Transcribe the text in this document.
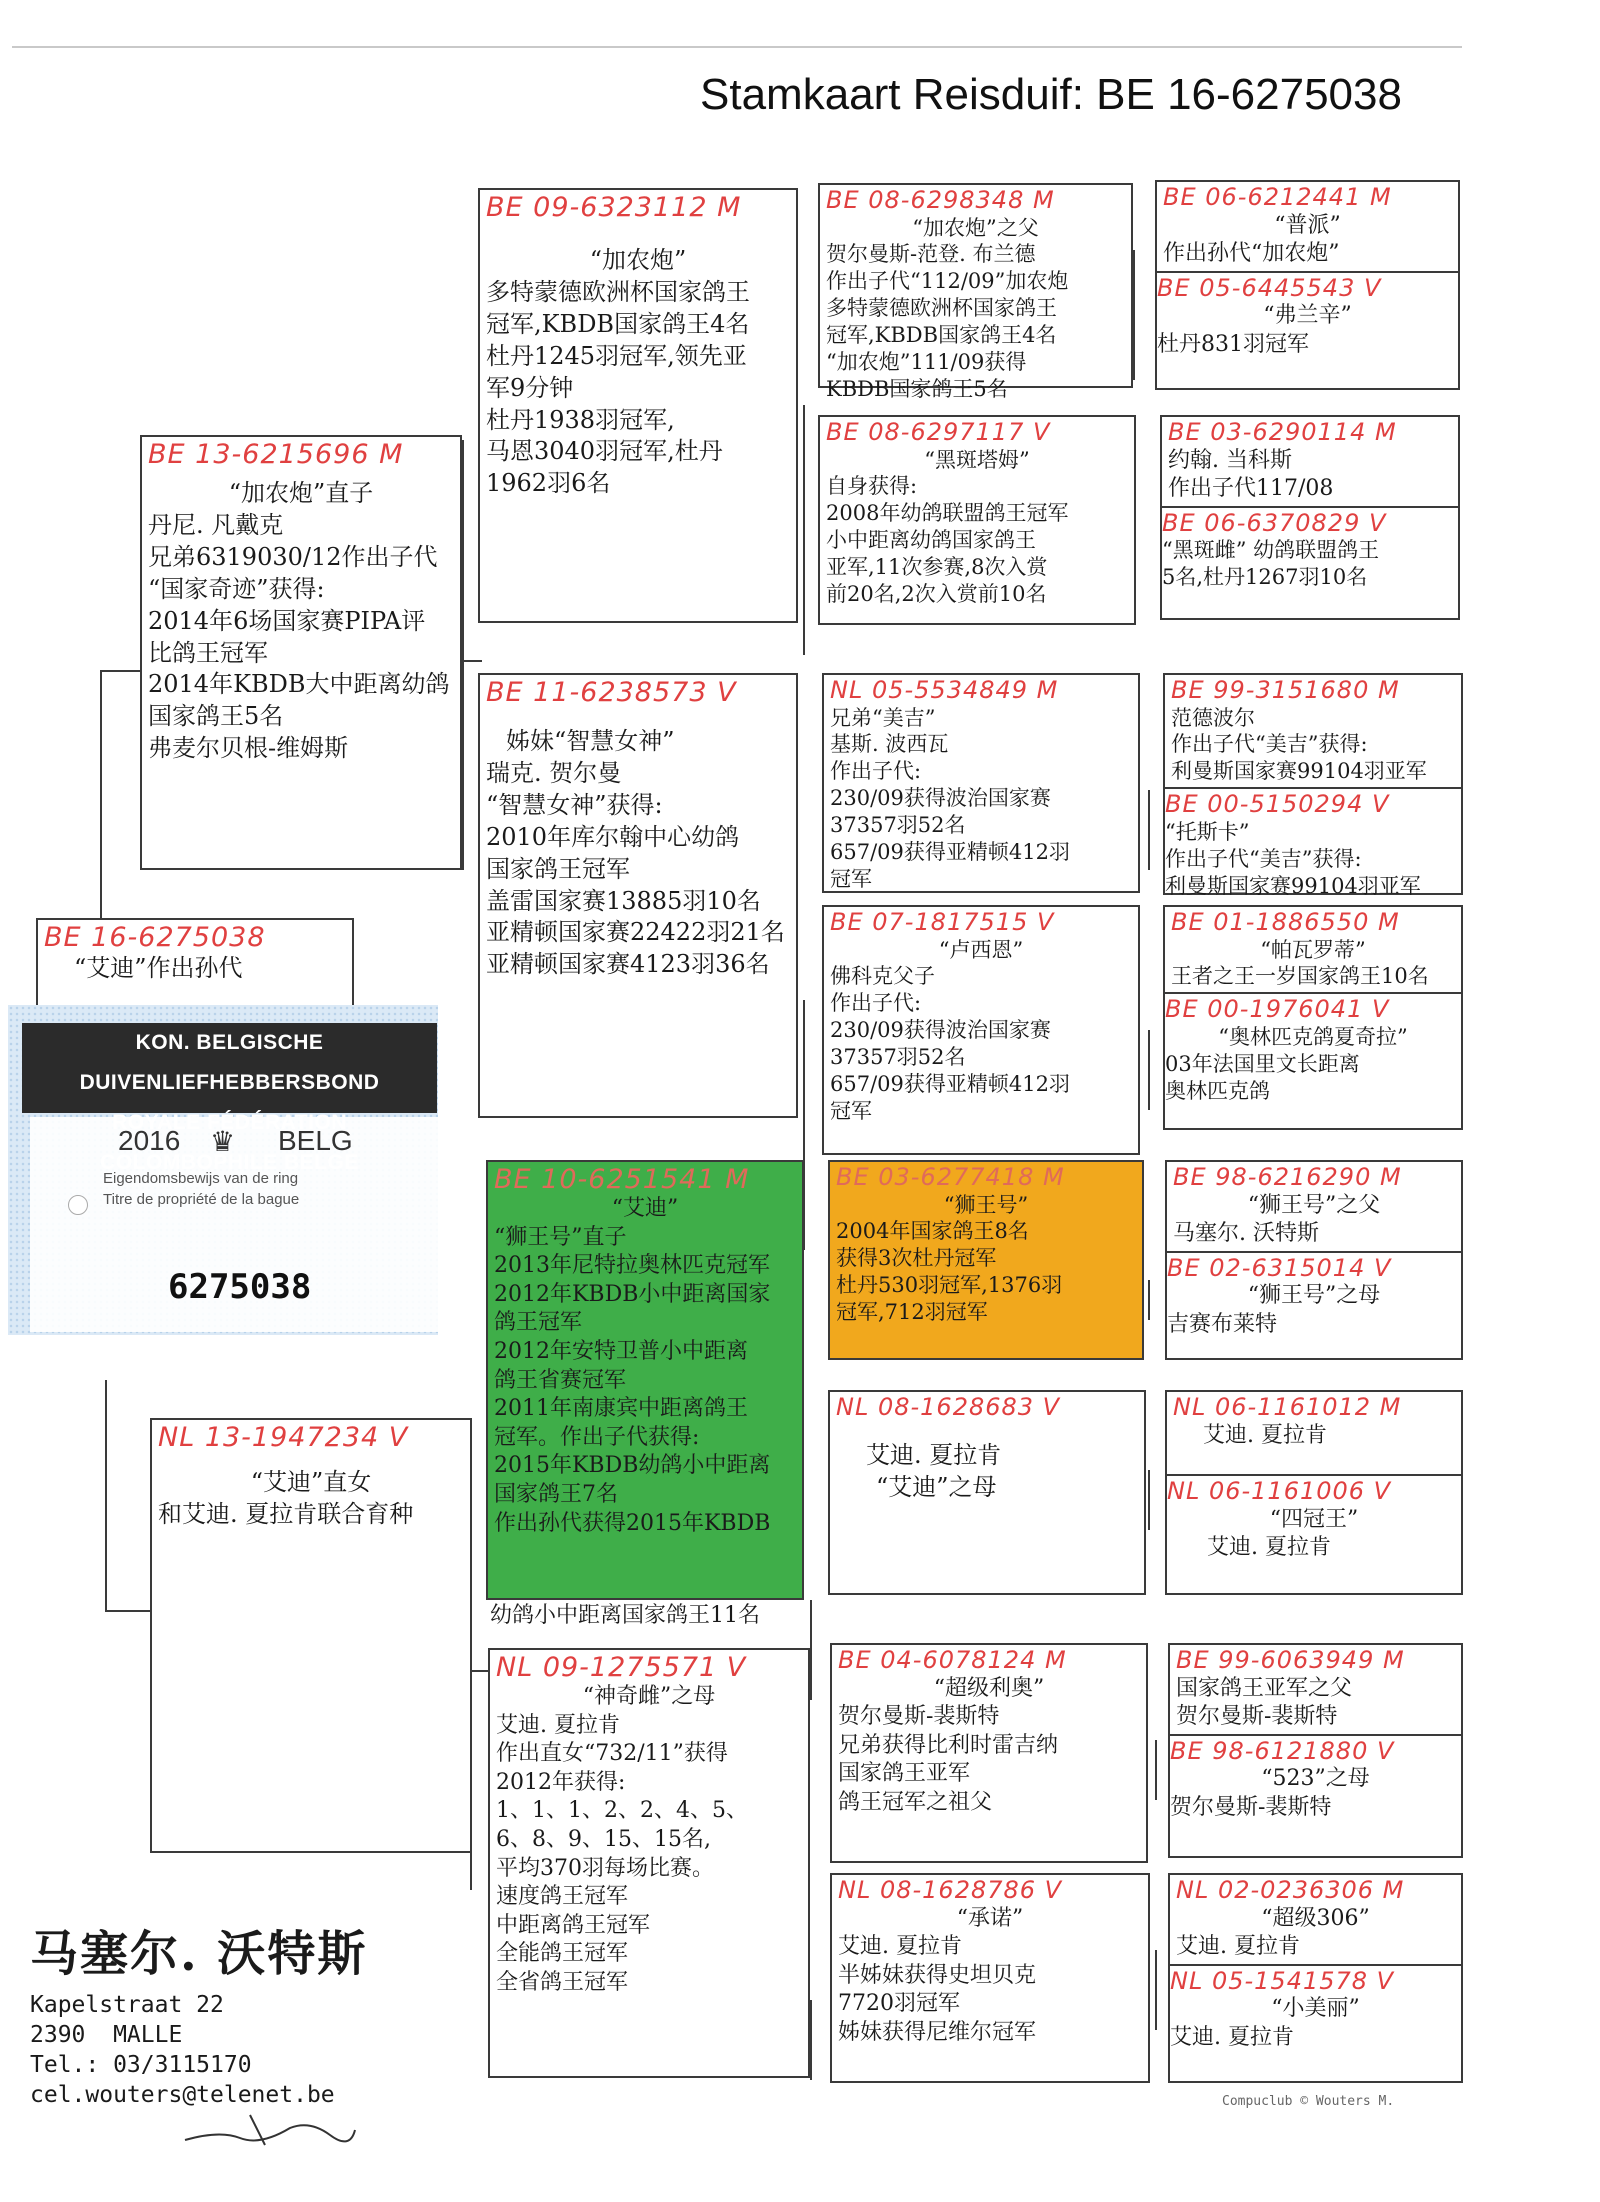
Stamkaart Reisduif: BE 16-6275038
BE 16-6275038
“艾迪”作出孙代
KON. BELGISCHE DUIVENLIEFHEBBERSBOND
2016 ♛ BELG
Eigendomsbewijs van de ring
Titre de propriété de la bague
6275038
BE 13-6215696 M
“加农炮”直子
丹尼. 凡戴克
兄弟6319030/12作出子代
“国家奇迹”获得:
2014年6场国家赛PIPA评
比鸽王冠军
2014年KBDB大中距离幼鸽
国家鸽王5名
弗麦尔贝根-维姆斯
NL 13-1947234 V
“艾迪”直女
和艾迪. 夏拉肯联合育种
BE 09-6323112 M
“加农炮”
多特蒙德欧洲杯国家鸽王
冠军,KBDB国家鸽王4名
杜丹1245羽冠军,领先亚
军9分钟
杜丹1938羽冠军,
马恩3040羽冠军,杜丹
1962羽6名
BE 11-6238573 V
姊妹“智慧女神”
瑞克. 贺尔曼
“智慧女神”获得:
2010年库尔翰中心幼鸽
国家鸽王冠军
盖雷国家赛13885羽10名
亚精顿国家赛22422羽21名
亚精顿国家赛4123羽36名
BE 10-6251541 M
“艾迪”
“狮王号”直子
2013年尼特拉奥林匹克冠军
2012年KBDB小中距离国家
鸽王冠军
2012年安特卫普小中距离
鸽王省赛冠军
2011年南康宾中距离鸽王
冠军。作出子代获得:
2015年KBDB幼鸽小中距离
国家鸽王7名
作出孙代获得2015年KBDB
幼鸽小中距离国家鸽王11名
NL 09-1275571 V
“神奇雌”之母
艾迪. 夏拉肯
作出直女“732/11”获得
2012年获得:
1、1、1、2、2、4、5、
6、8、9、15、15名,
平均370羽每场比赛。
速度鸽王冠军
中距离鸽王冠军
全能鸽王冠军
全省鸽王冠军
BE 08-6298348 M
“加农炮”之父
贺尔曼斯-范登. 布兰德
作出子代“112/09”加农炮
多特蒙德欧洲杯国家鸽王
冠军,KBDB国家鸽王4名
“加农炮”111/09获得
KBDB国家鸽王5名
BE 08-6297117 V
“黑斑塔姆”
自身获得:
2008年幼鸽联盟鸽王冠军
小中距离幼鸽国家鸽王
亚军,11次参赛,8次入赏
前20名,2次入赏前10名
NL 05-5534849 M
兄弟“美吉”
基斯. 波西瓦
作出子代:
230/09获得波治国家赛
37357羽52名
657/09获得亚精顿412羽
冠军
BE 07-1817515 V
“卢西恩”
佛科克父子
作出子代:
230/09获得波治国家赛
37357羽52名
657/09获得亚精顿412羽
冠军
BE 03-6277418 M
“狮王号”
2004年国家鸽王8名
获得3次杜丹冠军
杜丹530羽冠军,1376羽
冠军,712羽冠军
NL 08-1628683 V
艾迪. 夏拉肯
“艾迪”之母
BE 04-6078124 M
“超级利奥”
贺尔曼斯-裴斯特
兄弟获得比利时雷吉纳
国家鸽王亚军
鸽王冠军之祖父
NL 08-1628786 V
“承诺”
艾迪. 夏拉肯
半姊妹获得史坦贝克
7720羽冠军
姊妹获得尼维尔冠军
BE 06-6212441 M
“普派”
作出孙代“加农炮”
BE 05-6445543 V
“弗兰辛”
杜丹831羽冠军
BE 03-6290114 M
约翰. 当科斯
作出子代117/08
BE 06-6370829 V
“黑斑雌” 幼鸽联盟鸽王
5名,杜丹1267羽10名
BE 99-3151680 M
范德波尔
作出子代“美吉”获得:
利曼斯国家赛99104羽亚军
BE 00-5150294 V
“托斯卡”
作出子代“美吉”获得:
利曼斯国家赛99104羽亚军
BE 01-1886550 M
“帕瓦罗蒂”
王者之王一岁国家鸽王10名
BE 00-1976041 V
“奥林匹克鸽夏奇拉”
03年法国里文长距离
奥林匹克鸽
BE 98-6216290 M
“狮王号”之父
马塞尔. 沃特斯
BE 02-6315014 V
“狮王号”之母
吉赛布莱特
NL 06-1161012 M
艾迪. 夏拉肯
NL 06-1161006 V
“四冠王”
艾迪. 夏拉肯
BE 99-6063949 M
国家鸽王亚军之父
贺尔曼斯-裴斯特
BE 98-6121880 V
“523”之母
贺尔曼斯-裴斯特
NL 02-0236306 M
“超级306”
艾迪. 夏拉肯
NL 05-1541578 V
“小美丽”
艾迪. 夏拉肯
马塞尔. 沃特斯
Kapelstraat 22
2390  MALLE
Tel.: 03/3115170
cel.wouters@telenet.be	Compuclub © Wouters M.
